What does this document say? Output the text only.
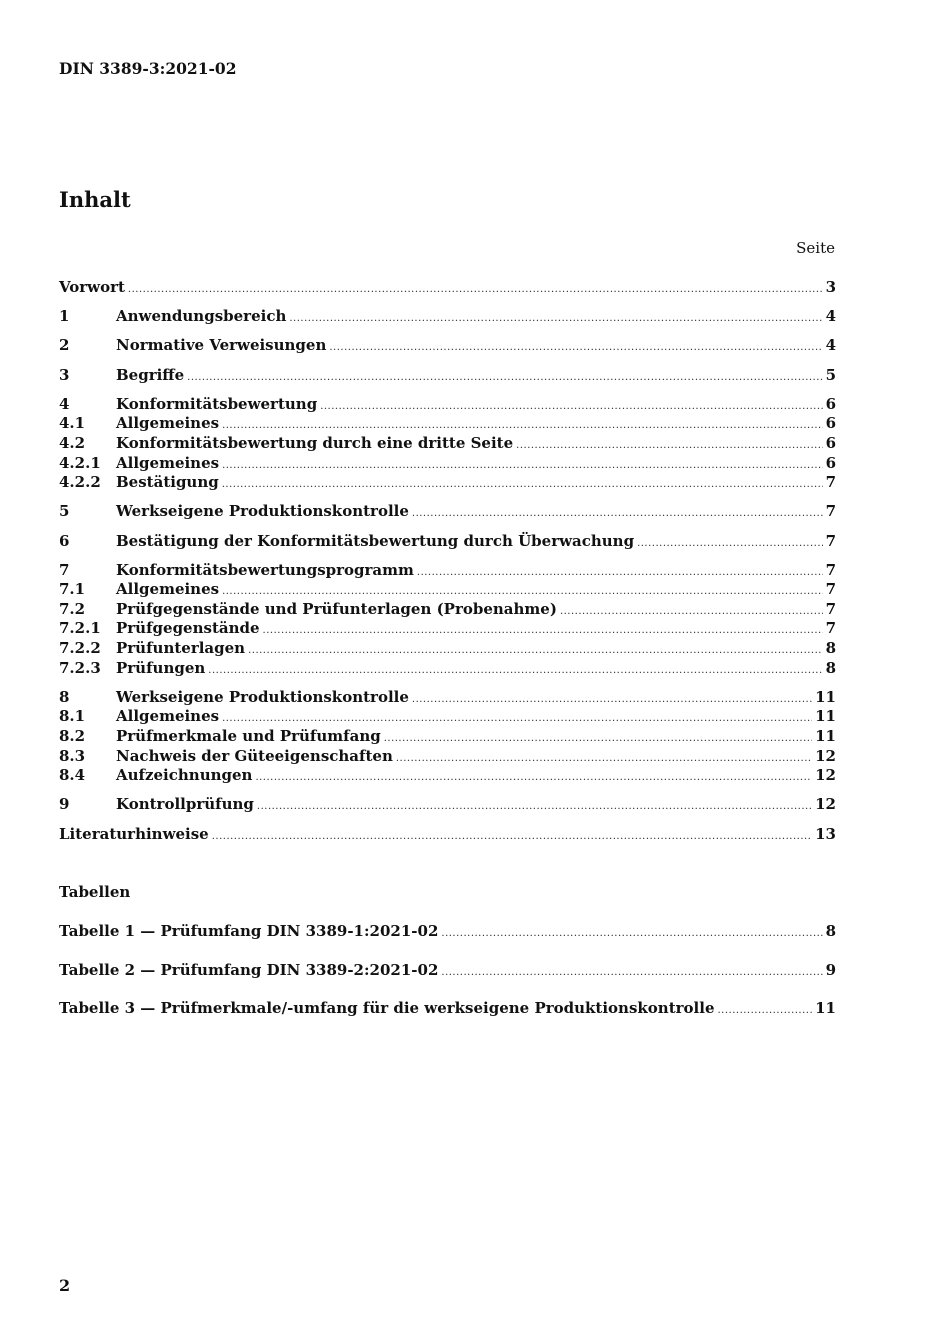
DIN 3389-3:2021-02
Inhalt
Seite
Vorwort .....	3
1	Anwendungsbereich .....	4
2	Normative Verweisungen .....	4
3	Begriffe .....	5
4	Konformitätsbewertung .....	6
4.1	Allgemeines .....	6
4.2	Konformitätsbewertung durch eine dritte Seite .....	6
4.2.1	Allgemeines .....	6
4.2.2	Bestätigung .....	7
5	Werkseigene Produktionskontrolle .....	7
6	Bestätigung der Konformitätsbewertung durch Überwachung .....	7
7	Konformitätsbewertungsprogramm .....	7
7.1	Allgemeines .....	7
7.2	Prüfgegenstände und Prüfunterlagen (Probenahme) .....	7
7.2.1	Prüfgegenstände .....	7
7.2.2	Prüfunterlagen .....	8
7.2.3	Prüfungen .....	8
8	Werkseigene Produktionskontrolle .....	11
8.1	Allgemeines .....	11
8.2	Prüfmerkmale und Prüfumfang .....	11
8.3	Nachweis der Güteeigenschaften .....	12
8.4	Aufzeichnungen .....	12
9	Kontrollprüfung .....	12
Literaturhinweise .....	13
Tabellen
Tabelle 1 — Prüfumfang DIN 3389-1:2021-02 .....	8
Tabelle 2 — Prüfumfang DIN 3389-2:2021-02 .....	9
Tabelle 3 — Prüfmerkmale/-umfang für die werkseigene Produktionskontrolle .....	11
2
